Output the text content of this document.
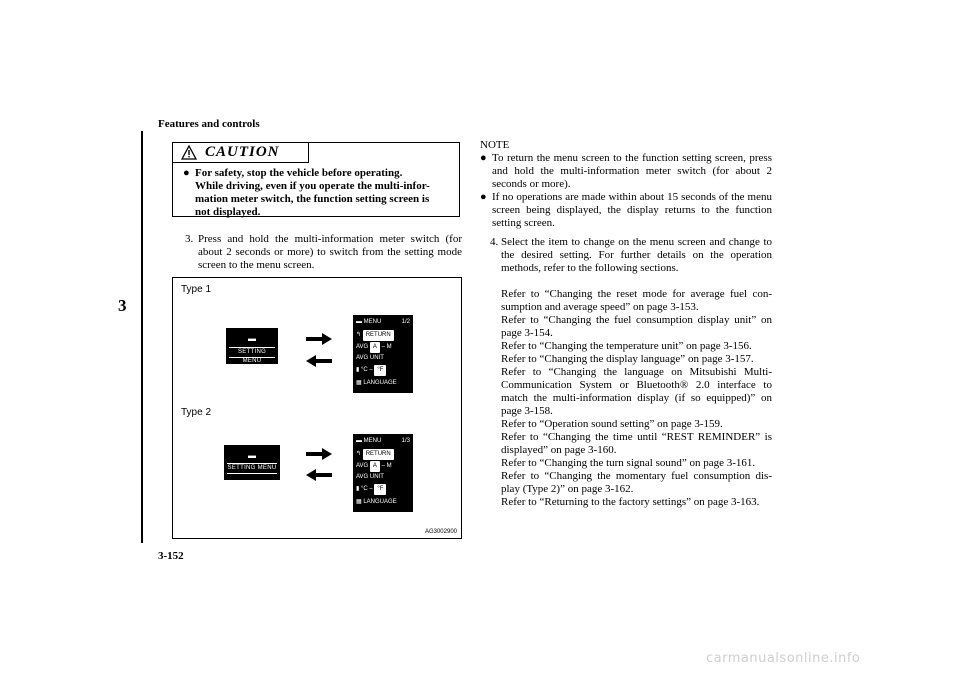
Features and controls
3
CAUTION
● For safety, stop the vehicle before operating.
While driving, even if you operate the multi-infor-
mation meter switch, the function setting screen is
not displayed.
3. Press and hold the multi-information meter switch (for about 2 seconds or more) to switch from the setting mode screen to the menu screen.
Type 1
Type 2
▬
SETTING MENU
▬ MENU	1/2
↰ RETURN
AVG A – M
AVG UNIT
▮ °C – °F
▦ LANGUAGE
▬
SETTING MENU
▬ MENU	1/3
↰ RETURN
AVG A – M
AVG UNIT
▮ °C – °F
▦ LANGUAGE
AG3002900
NOTE
● To return the menu screen to the function setting screen, press and hold the multi-information meter switch (for about 2 seconds or more).
● If no operations are made within about 15 seconds of the menu screen being displayed, the display returns to the function setting screen.
4. Select the item to change on the menu screen and change to the desired setting. For further details on the operation methods, refer to the following sections.
Refer to “Changing the reset mode for average fuel con-sumption and average speed” on page 3-153.
Refer to “Changing the fuel consumption display unit” on page 3-154.
Refer to “Changing the temperature unit” on page 3-156.
Refer to “Changing the display language” on page 3-157.
Refer to “Changing the language on Mitsubishi Multi-Communication System or Bluetooth® 2.0 interface to match the multi-information display (if so equipped)” on page 3-158.
Refer to “Operation sound setting” on page 3-159.
Refer to “Changing the time until “REST REMINDER” is displayed” on page 3-160.
Refer to “Changing the turn signal sound” on page 3-161.
Refer to “Changing the momentary fuel consumption dis-play (Type 2)” on page 3-162.
Refer to “Returning to the factory settings” on page 3-163.
3-152
carmanualsonline.info
